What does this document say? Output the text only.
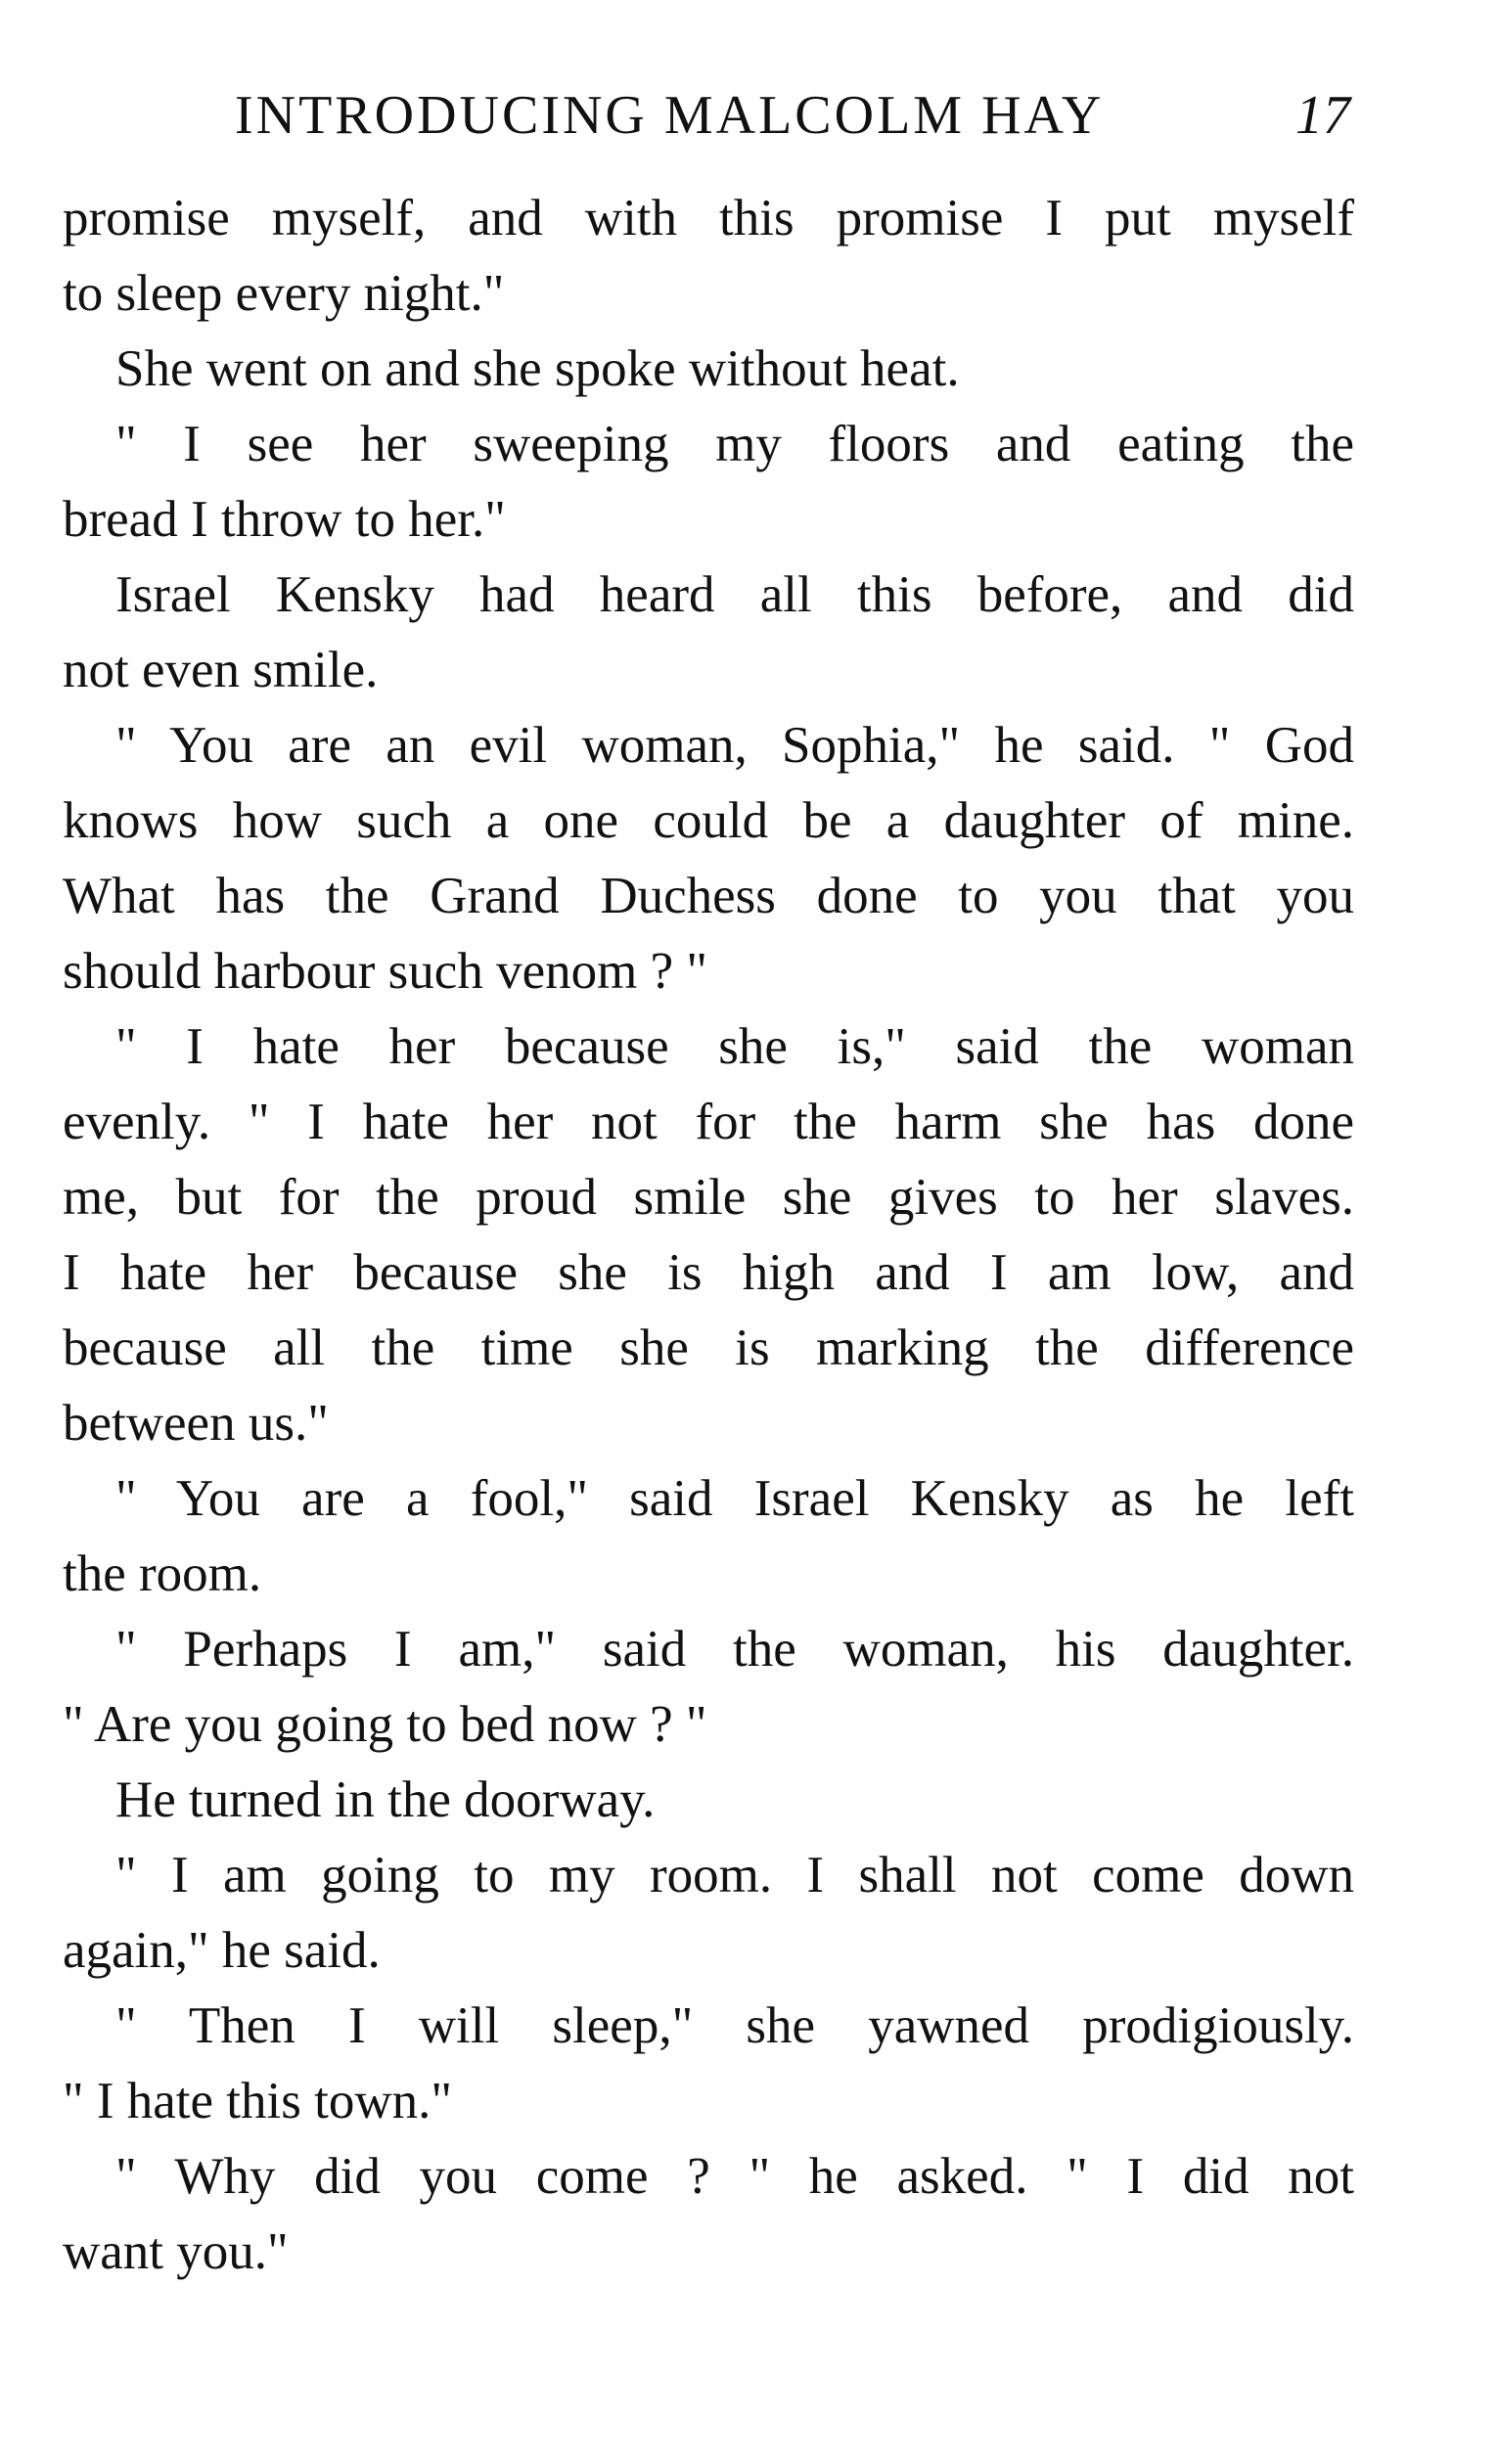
INTRODUCING MALCOLM HAY	17
promise myself, and with this promise I put myself
to sleep every night."
She went on and she spoke without heat.
" I see her sweeping my floors and eating the
bread I throw to her."
Israel Kensky had heard all this before, and did
not even smile.
" You are an evil woman, Sophia," he said. " God
knows how such a one could be a daughter of mine.
What has the Grand Duchess done to you that you
should harbour such venom ? "
" I hate her because she is," said the woman
evenly. " I hate her not for the harm she has done
me, but for the proud smile she gives to her slaves.
I hate her because she is high and I am low, and
because all the time she is marking the difference
between us."
" You are a fool," said Israel Kensky as he left
the room.
" Perhaps I am," said the woman, his daughter.
" Are you going to bed now ? "
He turned in the doorway.
" I am going to my room. I shall not come down
again," he said.
" Then I will sleep," she yawned prodigiously.
" I hate this town."
" Why did you come ? " he asked. " I did not
want you."
